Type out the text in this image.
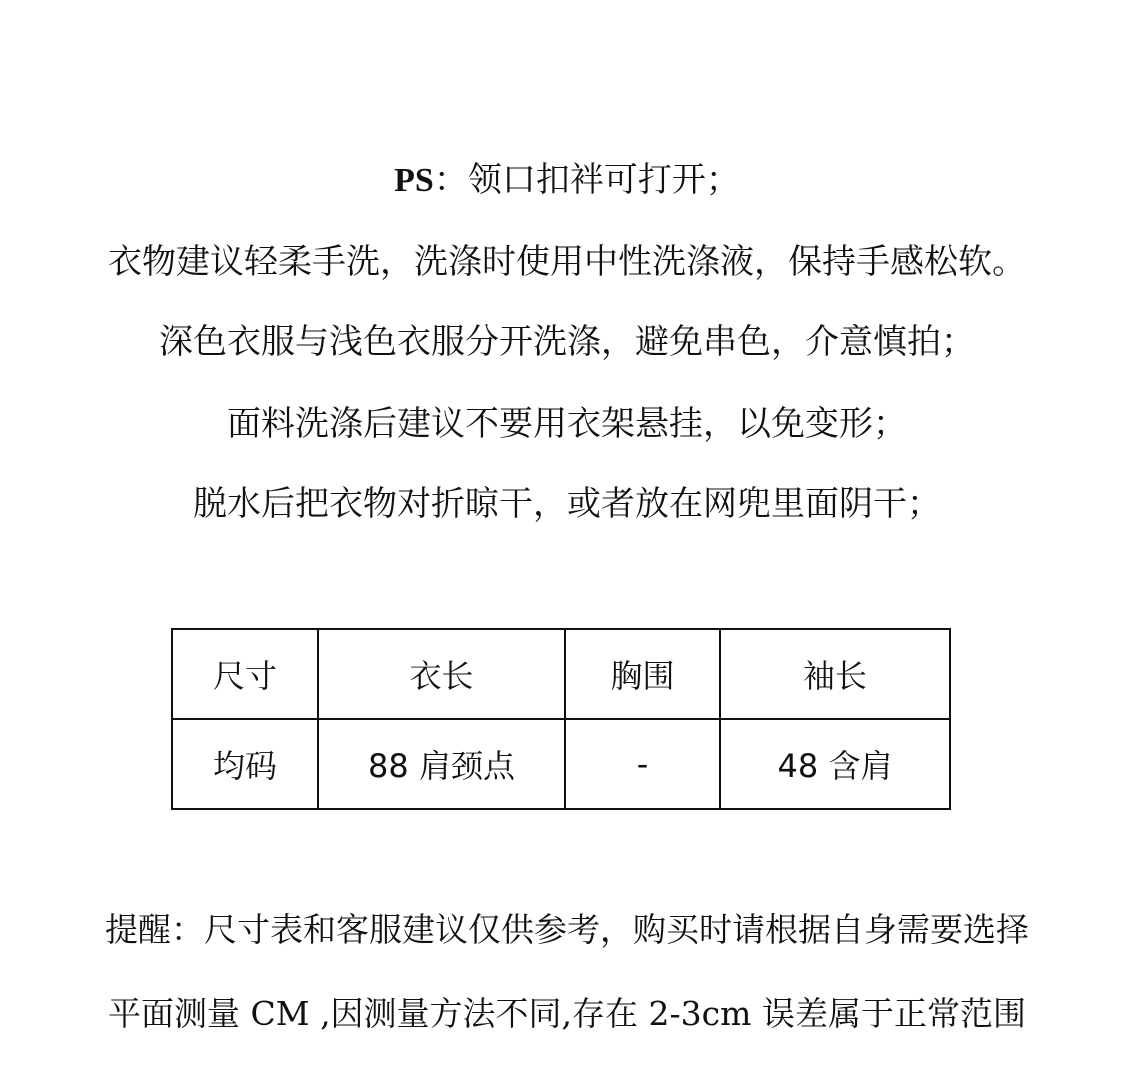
PS：领口扣袢可打开；
衣物建议轻柔手洗，洗涤时使用中性洗涤液，保持手感松软。
深色衣服与浅色衣服分开洗涤，避免串色，介意慎拍；
面料洗涤后建议不要用衣架悬挂，以免变形；
脱水后把衣物对折晾干，或者放在网兜里面阴干；
尺寸	衣长	胸围	袖长
均码	88 肩颈点	-	48 含肩
提醒：尺寸表和客服建议仅供参考，购买时请根据自身需要选择
平面测量 CM ,因测量方法不同,存在 2-3cm 误差属于正常范围
